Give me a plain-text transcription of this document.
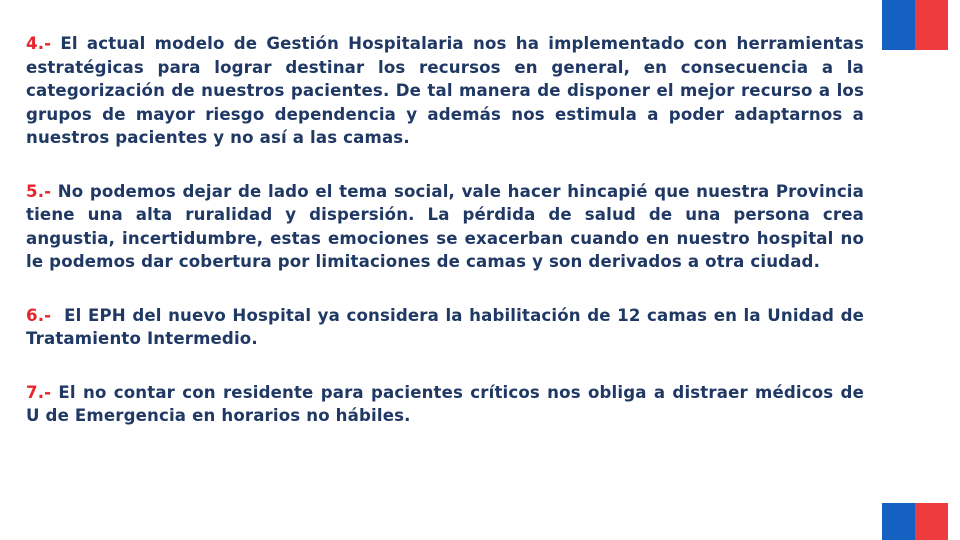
4.- El actual modelo de Gestión Hospitalaria nos ha implementado con herramientas estratégicas para lograr destinar los recursos en general, en consecuencia a la categorización de nuestros pacientes. De tal manera de disponer el mejor recurso a los grupos de mayor riesgo dependencia y además nos estimula a poder adaptarnos a nuestros pacientes y no así a las camas.

5.- No podemos dejar de lado el tema social, vale hacer hincapié que nuestra Provincia tiene una alta ruralidad y dispersión. La pérdida de salud de una persona crea angustia, incertidumbre, estas emociones se exacerban cuando en nuestro hospital no le podemos dar cobertura por limitaciones de camas y son derivados a otra ciudad.

6.-  El EPH del nuevo Hospital ya considera la habilitación de 12 camas en la Unidad de Tratamiento Intermedio.

7.- El no contar con residente para pacientes críticos nos obliga a distraer médicos de U de Emergencia en horarios no hábiles.
